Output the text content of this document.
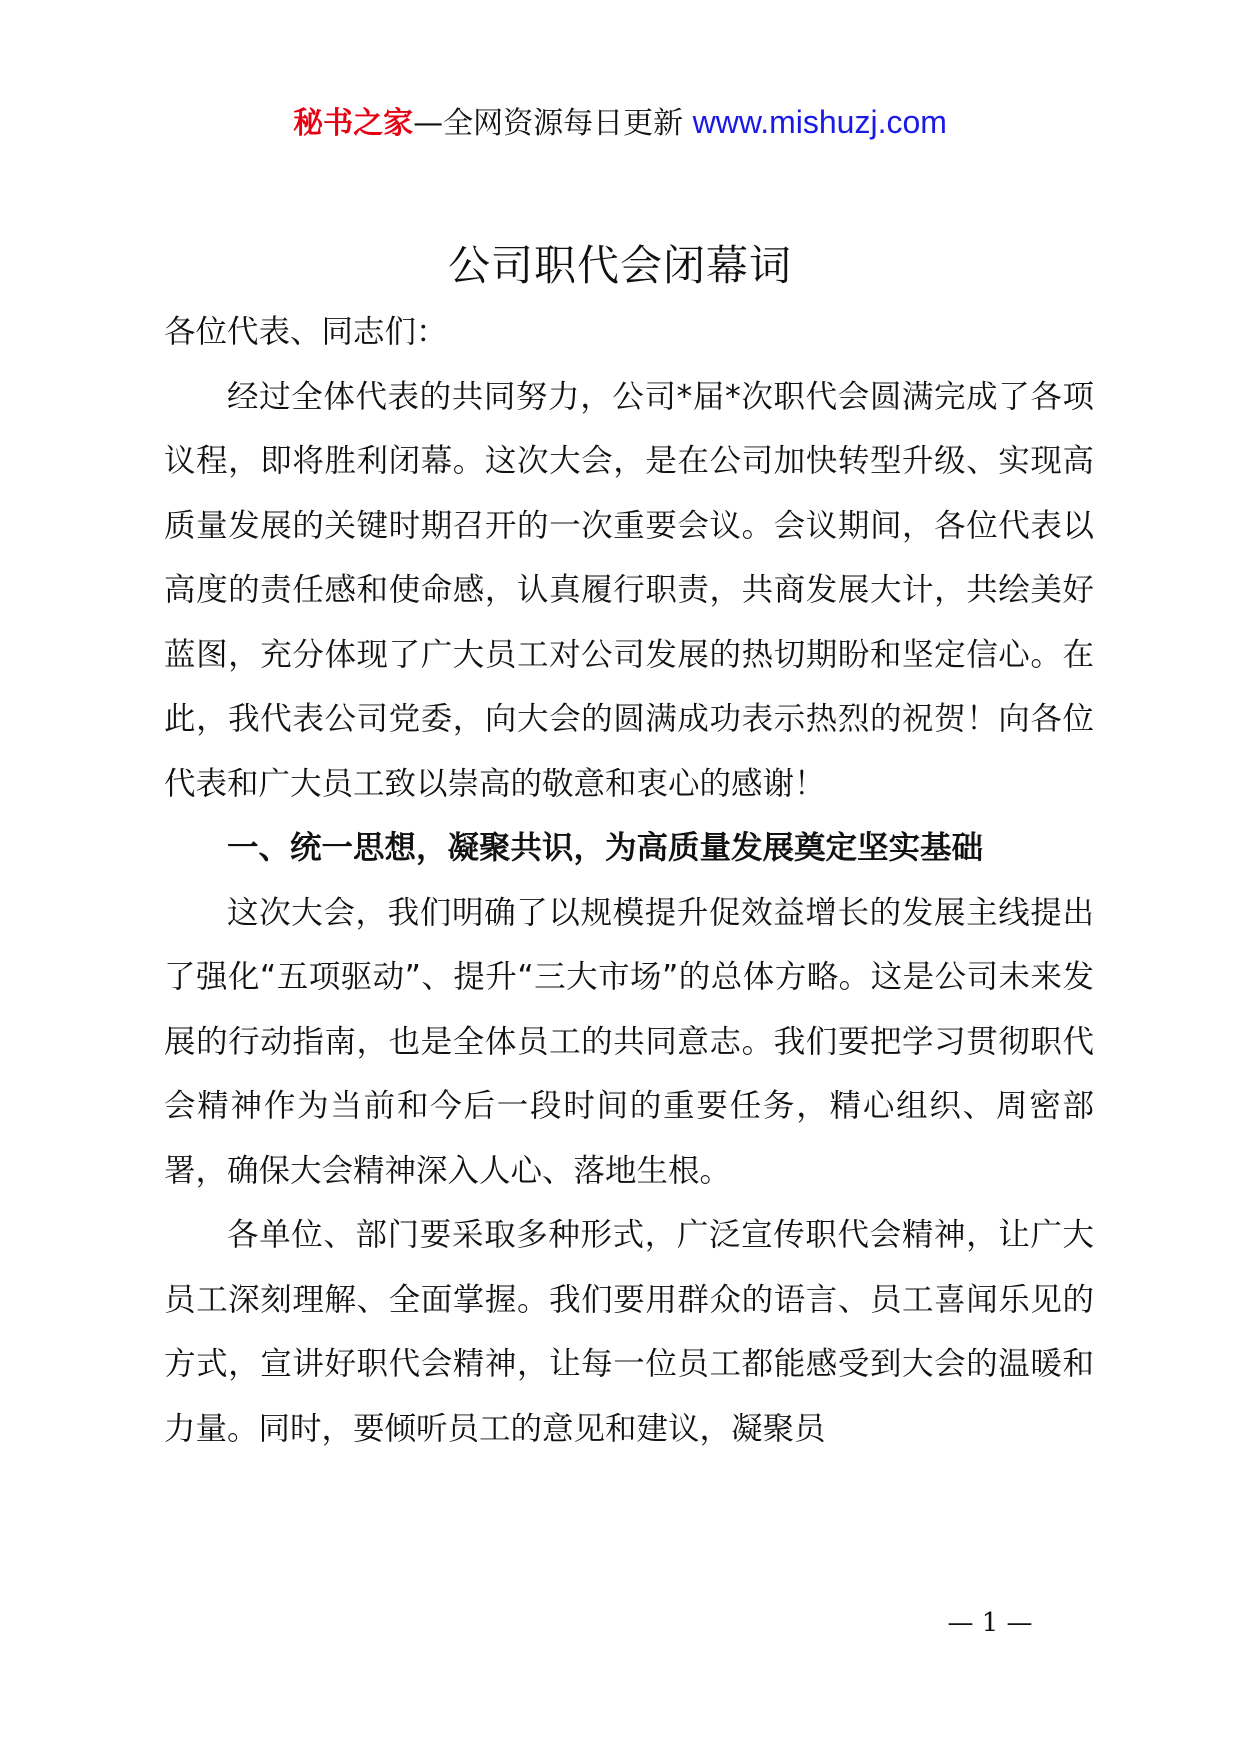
秘书之家—全网资源每日更新 www.mishuzj.com
公司职代会闭幕词

各位代表、同志们：

经过全体代表的共同努力，公司*届*次职代会圆满完成了各项议程，即将胜利闭幕。这次大会，是在公司加快转型升级、实现高质量发展的关键时期召开的一次重要会议。会议期间，各位代表以高度的责任感和使命感，认真履行职责，共商发展大计，共绘美好蓝图，充分体现了广大员工对公司发展的热切期盼和坚定信心。在此，我代表公司党委，向大会的圆满成功表示热烈的祝贺！向各位代表和广大员工致以崇高的敬意和衷心的感谢！

一、统一思想，凝聚共识，为高质量发展奠定坚实基础

这次大会，我们明确了以规模提升促效益增长的发展主线提出了强化“五项驱动”、提升“三大市场”的总体方略。这是公司未来发展的行动指南，也是全体员工的共同意志。我们要把学习贯彻职代会精神作为当前和今后一段时间的重要任务，精心组织、周密部署，确保大会精神深入人心、落地生根。

各单位、部门要采取多种形式，广泛宣传职代会精神，让广大员工深刻理解、全面掌握。我们要用群众的语言、员工喜闻乐见的方式，宣讲好职代会精神，让每一位员工都能感受到大会的温暖和力量。同时，要倾听员工的意见和建议，凝聚员

— 1 —
